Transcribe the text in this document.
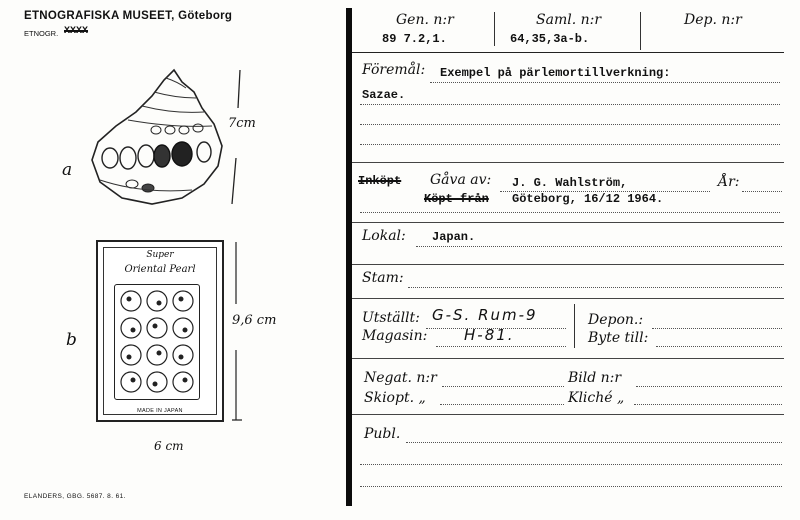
ETNOGRAFISKA MUSEET, Göteborg
ETNOGR. XXXX
a
7cm
b
Super
Oriental Pearl
MADE IN JAPAN
9,6 cm
6 cm
ELANDERS, GBG. 5687. 8. 61.
Gen. n:r
89 7.2,1.
Saml. n:r
64,35,3a-b.
Dep. n:r
Föremål: Exempel på pärlemortillverkning:
Sazae.
Inköpt Gåva av: J. G. Wahlström,	År:
Köpt från Göteborg, 16/12 1964.
Lokal: Japan.
Stam:
Utställt: G-S. Rum-9	Depon.:
Magasin: H-81.	Byte till:
Negat. n:r	Bild n:r
Skiopt. „	Kliché „
Publ.
